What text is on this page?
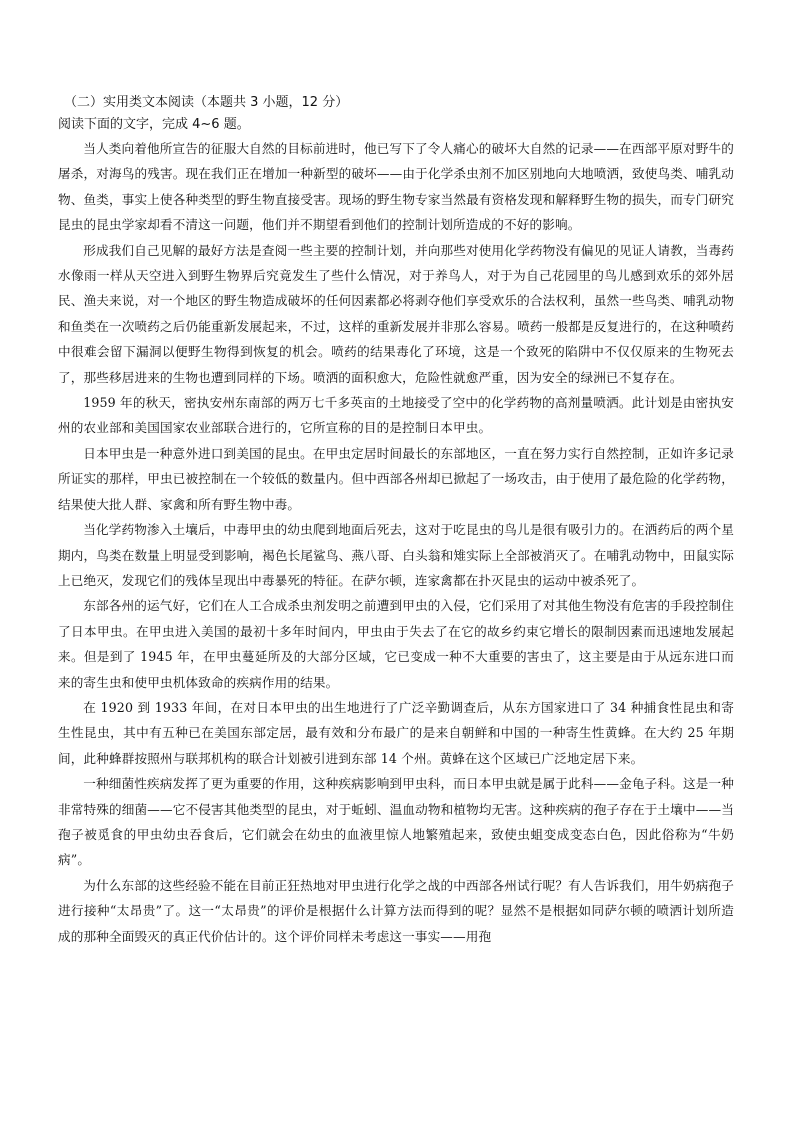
（二）实用类文本阅读（本题共 3 小题，12 分）

阅读下面的文字，完成 4~6 题。

当人类向着他所宣告的征服大自然的目标前进时，他已写下了令人痛心的破坏大自然的记录——在西部平原对野牛的屠杀，对海鸟的残害。现在我们正在增加一种新型的破坏——由于化学杀虫剂不加区别地向大地喷洒，致使鸟类、哺乳动物、鱼类，事实上使各种类型的野生物直接受害。现场的野生物专家当然最有资格发现和解释野生物的损失，而专门研究昆虫的昆虫学家却看不清这一问题，他们并不期望看到他们的控制计划所造成的不好的影响。

形成我们自己见解的最好方法是查阅一些主要的控制计划，并向那些对使用化学药物没有偏见的见证人请教，当毒药水像雨一样从天空进入到野生物界后究竟发生了些什么情况，对于养鸟人，对于为自己花园里的鸟儿感到欢乐的郊外居民、渔夫来说，对一个地区的野生物造成破坏的任何因素都必将剥夺他们享受欢乐的合法权利，虽然一些鸟类、哺乳动物和鱼类在一次喷药之后仍能重新发展起来，不过，这样的重新发展并非那么容易。喷药一般都是反复进行的，在这种喷药中很难会留下漏洞以便野生物得到恢复的机会。喷药的结果毒化了环境，这是一个致死的陷阱中不仅仅原来的生物死去了，那些移居进来的生物也遭到同样的下场。喷洒的面积愈大，危险性就愈严重，因为安全的绿洲已不复存在。

1959 年的秋天，密执安州东南部的两万七千多英亩的土地接受了空中的化学药物的高剂量喷洒。此计划是由密执安州的农业部和美国国家农业部联合进行的，它所宣称的目的是控制日本甲虫。

日本甲虫是一种意外进口到美国的昆虫。在甲虫定居时间最长的东部地区，一直在努力实行自然控制，正如许多记录所证实的那样，甲虫已被控制在一个较低的数量内。但中西部各州却已掀起了一场攻击，由于使用了最危险的化学药物，结果使大批人群、家禽和所有野生物中毒。

当化学药物渗入土壤后，中毒甲虫的幼虫爬到地面后死去，这对于吃昆虫的鸟儿是很有吸引力的。在洒药后的两个星期内，鸟类在数量上明显受到影响，褐色长尾鲨鸟、燕八哥、白头翁和雉实际上全部被消灭了。在哺乳动物中，田鼠实际上已绝灭，发现它们的残体呈现出中毒暴死的特征。在萨尔顿，连家禽都在扑灭昆虫的运动中被杀死了。

东部各州的运气好，它们在人工合成杀虫剂发明之前遭到甲虫的入侵，它们采用了对其他生物没有危害的手段控制住了日本甲虫。在甲虫进入美国的最初十多年时间内，甲虫由于失去了在它的故乡约束它增长的限制因素而迅速地发展起来。但是到了 1945 年，在甲虫蔓延所及的大部分区域，它已变成一种不大重要的害虫了，这主要是由于从远东进口而来的寄生虫和使甲虫机体致命的疾病作用的结果。

在 1920 到 1933 年间，在对日本甲虫的出生地进行了广泛辛勤调查后，从东方国家进口了 34 种捕食性昆虫和寄生性昆虫，其中有五种已在美国东部定居，最有效和分布最广的是来自朝鲜和中国的一种寄生性黄蜂。在大约 25 年期间，此种蜂群按照州与联邦机构的联合计划被引进到东部 14 个州。黄蜂在这个区域已广泛地定居下来。

一种细菌性疾病发挥了更为重要的作用，这种疾病影响到甲虫科，而日本甲虫就是属于此科——金龟子科。这是一种非常特殊的细菌——它不侵害其他类型的昆虫，对于蚯蚓、温血动物和植物均无害。这种疾病的孢子存在于土壤中——当孢子被觅食的甲虫幼虫吞食后，它们就会在幼虫的血液里惊人地繁殖起来，致使虫蛆变成变态白色，因此俗称为“牛奶病”。

为什么东部的这些经验不能在目前正狂热地对甲虫进行化学之战的中西部各州试行呢？有人告诉我们，用牛奶病孢子进行接种“太昂贵”了。这一“太昂贵”的评价是根据什么计算方法而得到的呢？显然不是根据如同萨尔顿的喷洒计划所造成的那种全面毁灭的真正代价估计的。这个评价同样未考虑这一事实——用孢
